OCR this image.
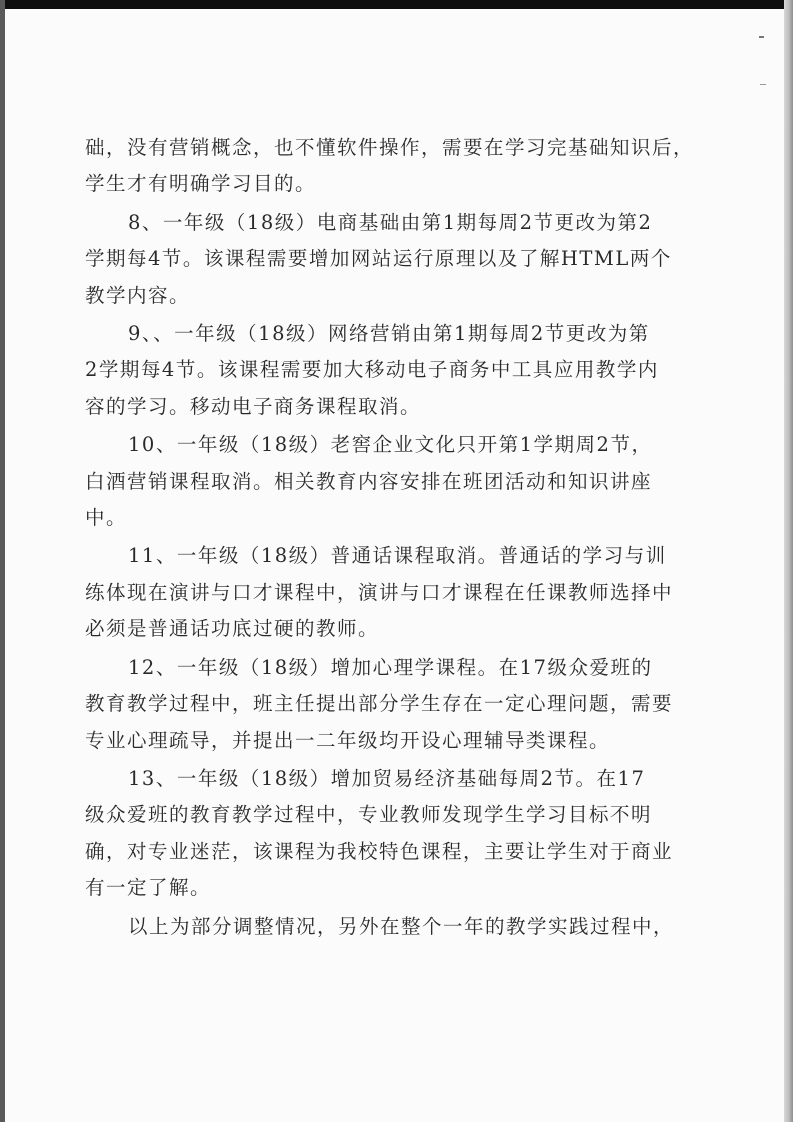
础，没有营销概念，也不懂软件操作，需要在学习完基础知识后，
学生才有明确学习目的。
8、一年级（18级）电商基础由第1期每周2节更改为第2
学期每4节。该课程需要增加网站运行原理以及了解HTML两个
教学内容。
9、、一年级（18级）网络营销由第1期每周2节更改为第
2学期每4节。该课程需要加大移动电子商务中工具应用教学内
容的学习。移动电子商务课程取消。
10、一年级（18级）老窖企业文化只开第1学期周2节，
白酒营销课程取消。相关教育内容安排在班团活动和知识讲座
中。
11、一年级（18级）普通话课程取消。普通话的学习与训
练体现在演讲与口才课程中，演讲与口才课程在任课教师选择中
必须是普通话功底过硬的教师。
12、一年级（18级）增加心理学课程。在17级众爱班的
教育教学过程中，班主任提出部分学生存在一定心理问题，需要
专业心理疏导，并提出一二年级均开设心理辅导类课程。
13、一年级（18级）增加贸易经济基础每周2节。在17
级众爱班的教育教学过程中，专业教师发现学生学习目标不明
确，对专业迷茫，该课程为我校特色课程，主要让学生对于商业
有一定了解。
以上为部分调整情况，另外在整个一年的教学实践过程中，
